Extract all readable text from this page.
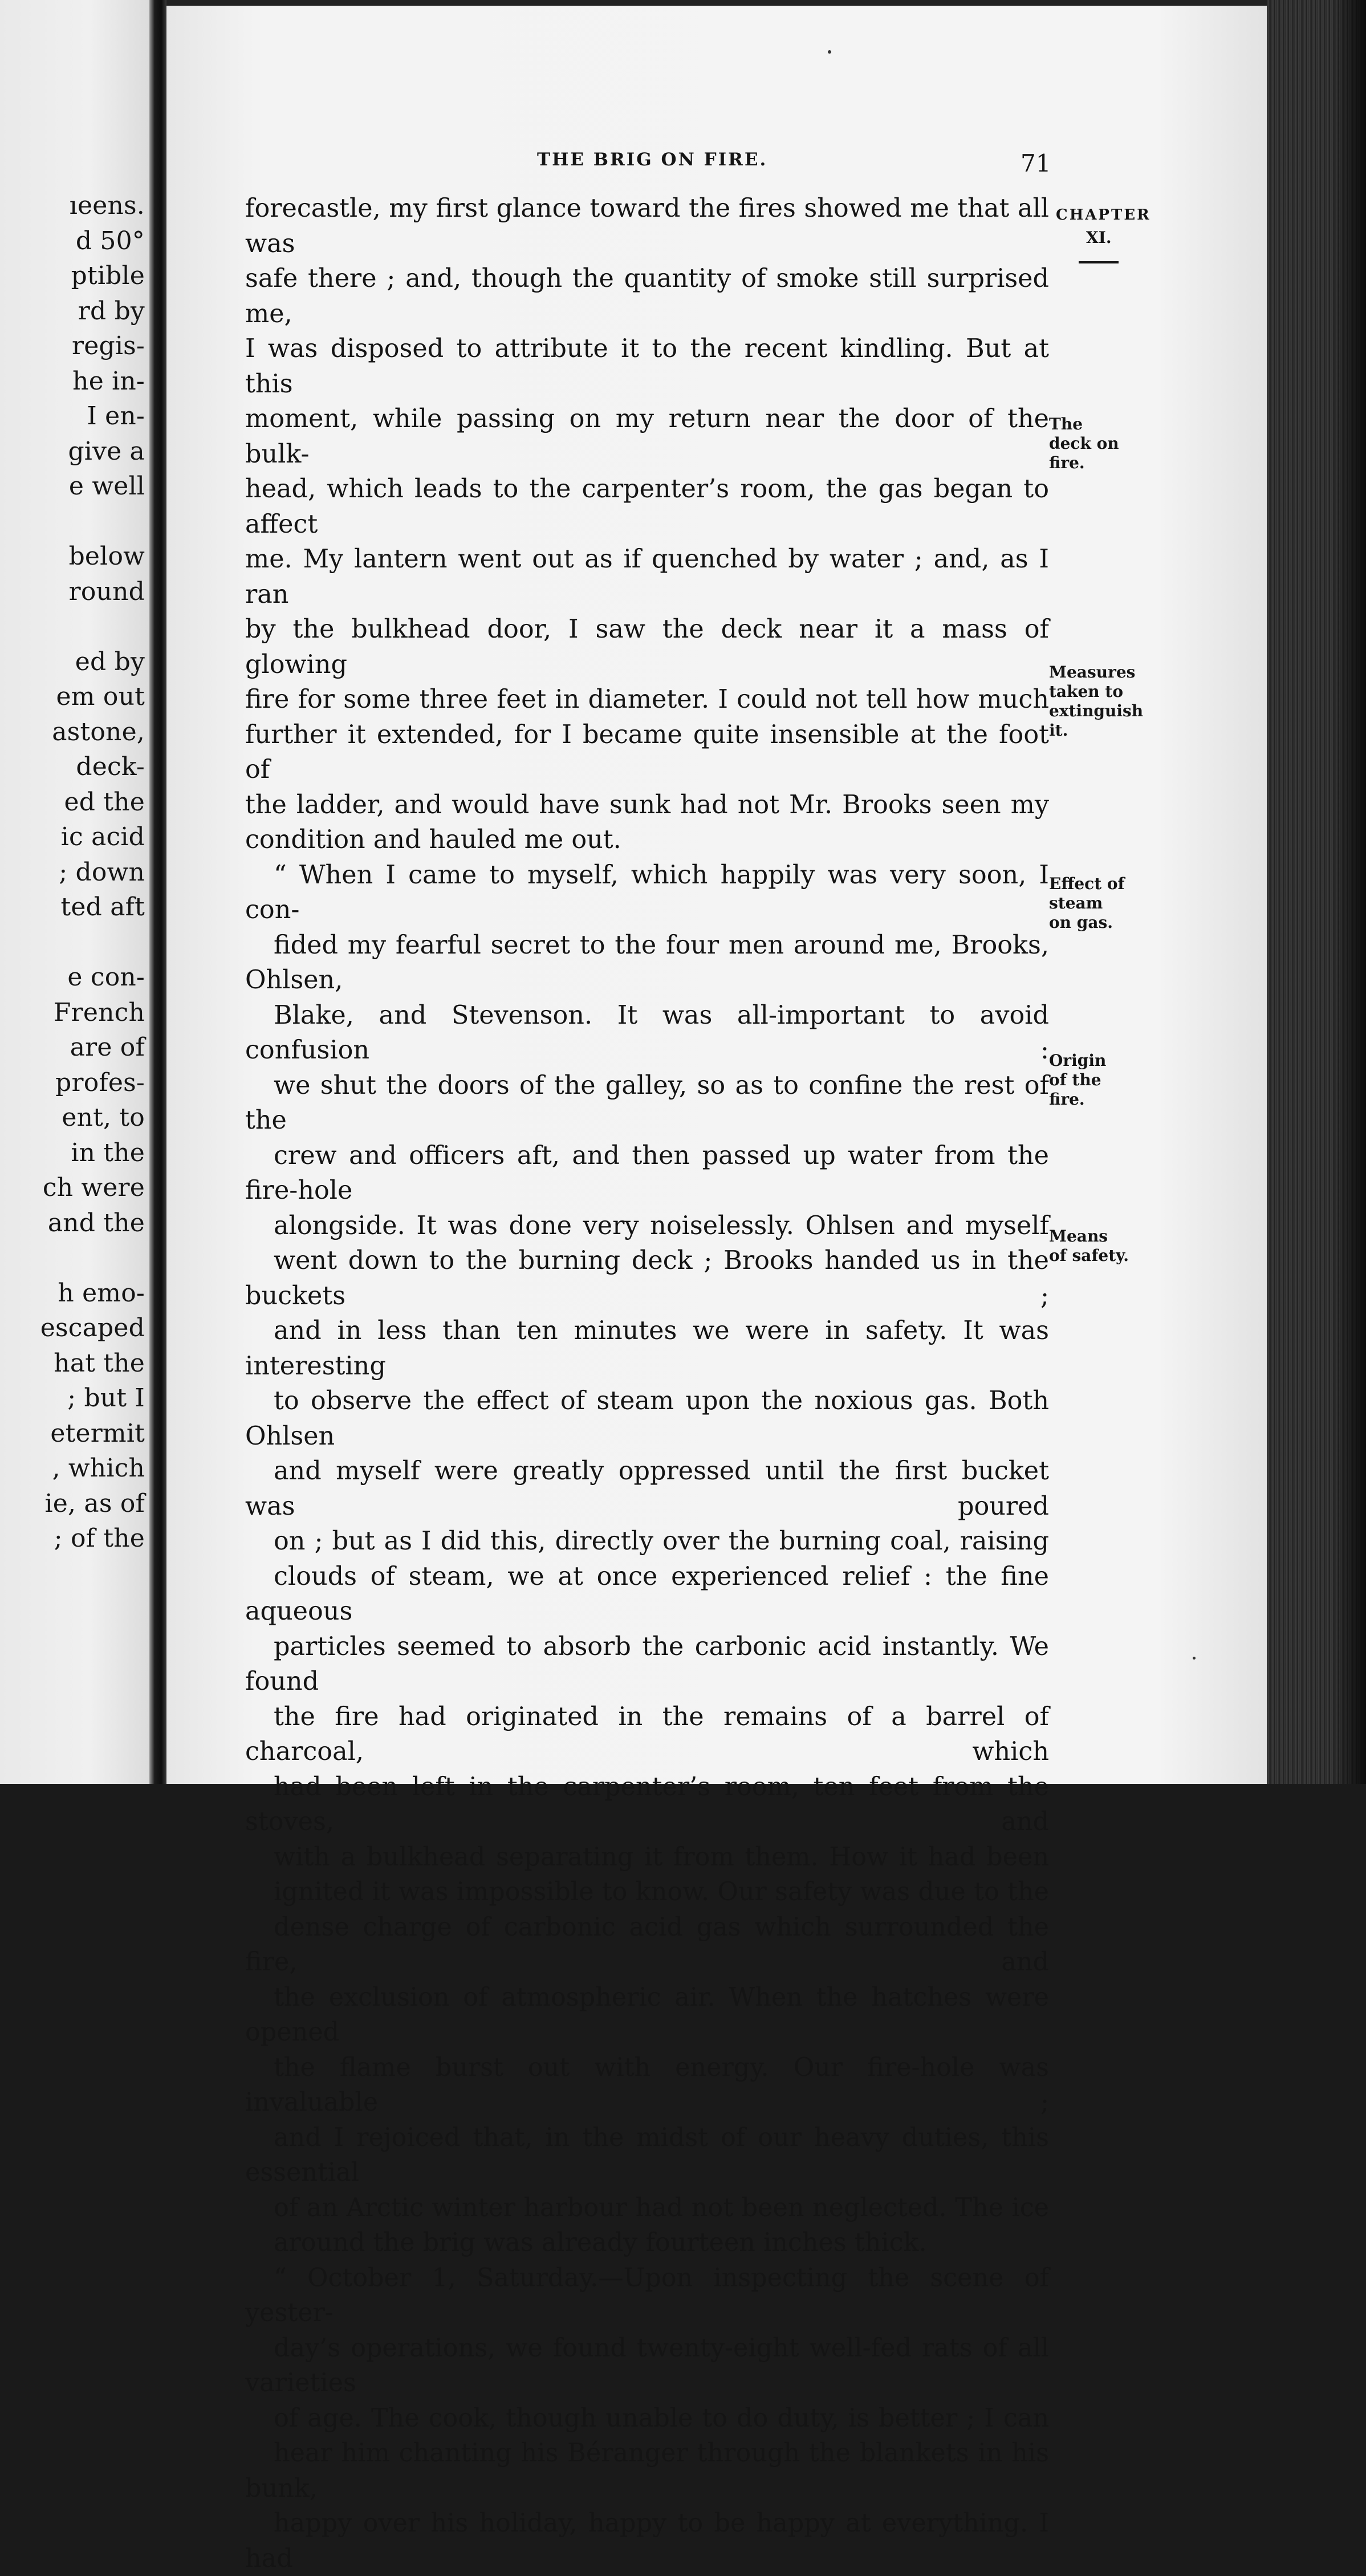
ıeens.
d 50°
ptible
rd by
regis-
he in-
I en-
give a
e well
below
round
ed by
em out
astone,
deck-
ed the
ic acid
; down
ted aft
e con-
French
are of
profes-
ent, to
in the
ch were
and the
h emo-
escaped
hat the
; but I
etermit
, which
ie, as of
; of the
THE BRIG ON FIRE.	71
CHAPTER
XI.

forecastle, my first glance toward the fires showed me that all was
safe there ; and, though the quantity of smoke still surprised me,
I was disposed to attribute it to the recent kindling. But at this
moment, while passing on my return near the door of the bulk-
head, which leads to the carpenter’s room, the gas began to affect
me. My lantern went out as if quenched by water ; and, as I ran
by the bulkhead door, I saw the deck near it a mass of glowing
fire for some three feet in diameter. I could not tell how much
further it extended, for I became quite insensible at the foot of
the ladder, and would have sunk had not Mr. Brooks seen my
condition and hauled me out.

“ When I came to myself, which happily was very soon, I con-
fided my fearful secret to the four men around me, Brooks, Ohlsen,
Blake, and Stevenson. It was all-important to avoid confusion :
we shut the doors of the galley, so as to confine the rest of the
crew and officers aft, and then passed up water from the fire-hole
alongside. It was done very noiselessly. Ohlsen and myself
went down to the burning deck ; Brooks handed us in the buckets ;
and in less than ten minutes we were in safety. It was interesting
to observe the effect of steam upon the noxious gas. Both Ohlsen
and myself were greatly oppressed until the first bucket was poured
on ; but as I did this, directly over the burning coal, raising
clouds of steam, we at once experienced relief : the fine aqueous
particles seemed to absorb the carbonic acid instantly. We found
the fire had originated in the remains of a barrel of charcoal, which
had been left in the carpenter’s room, ten feet from the stoves, and
with a bulkhead separating it from them. How it had been
ignited it was impossible to know. Our safety was due to the
dense charge of carbonic acid gas which surrounded the fire, and
the exclusion of atmospheric air. When the hatches were opened
the flame burst out with energy. Our fire-hole was invaluable ;
and I rejoiced that, in the midst of our heavy duties, this essential
of an Arctic winter harbour had not been neglected. The ice
around the brig was already fourteen inches thick.

“ October 1, Saturday.—Upon inspecting the scene of yester-
day’s operations, we found twenty-eight well-fed rats of all varieties
of age. The cook, though unable to do duty, is better ; I can
hear him chanting his Béranger through the blankets in his bunk,
happy over his holiday, happy to be happy at everything. I had

The deck on fire.
Measures taken to extinguish it.
Effect of steam on gas.
Origin of the fire.
Means of safety.
